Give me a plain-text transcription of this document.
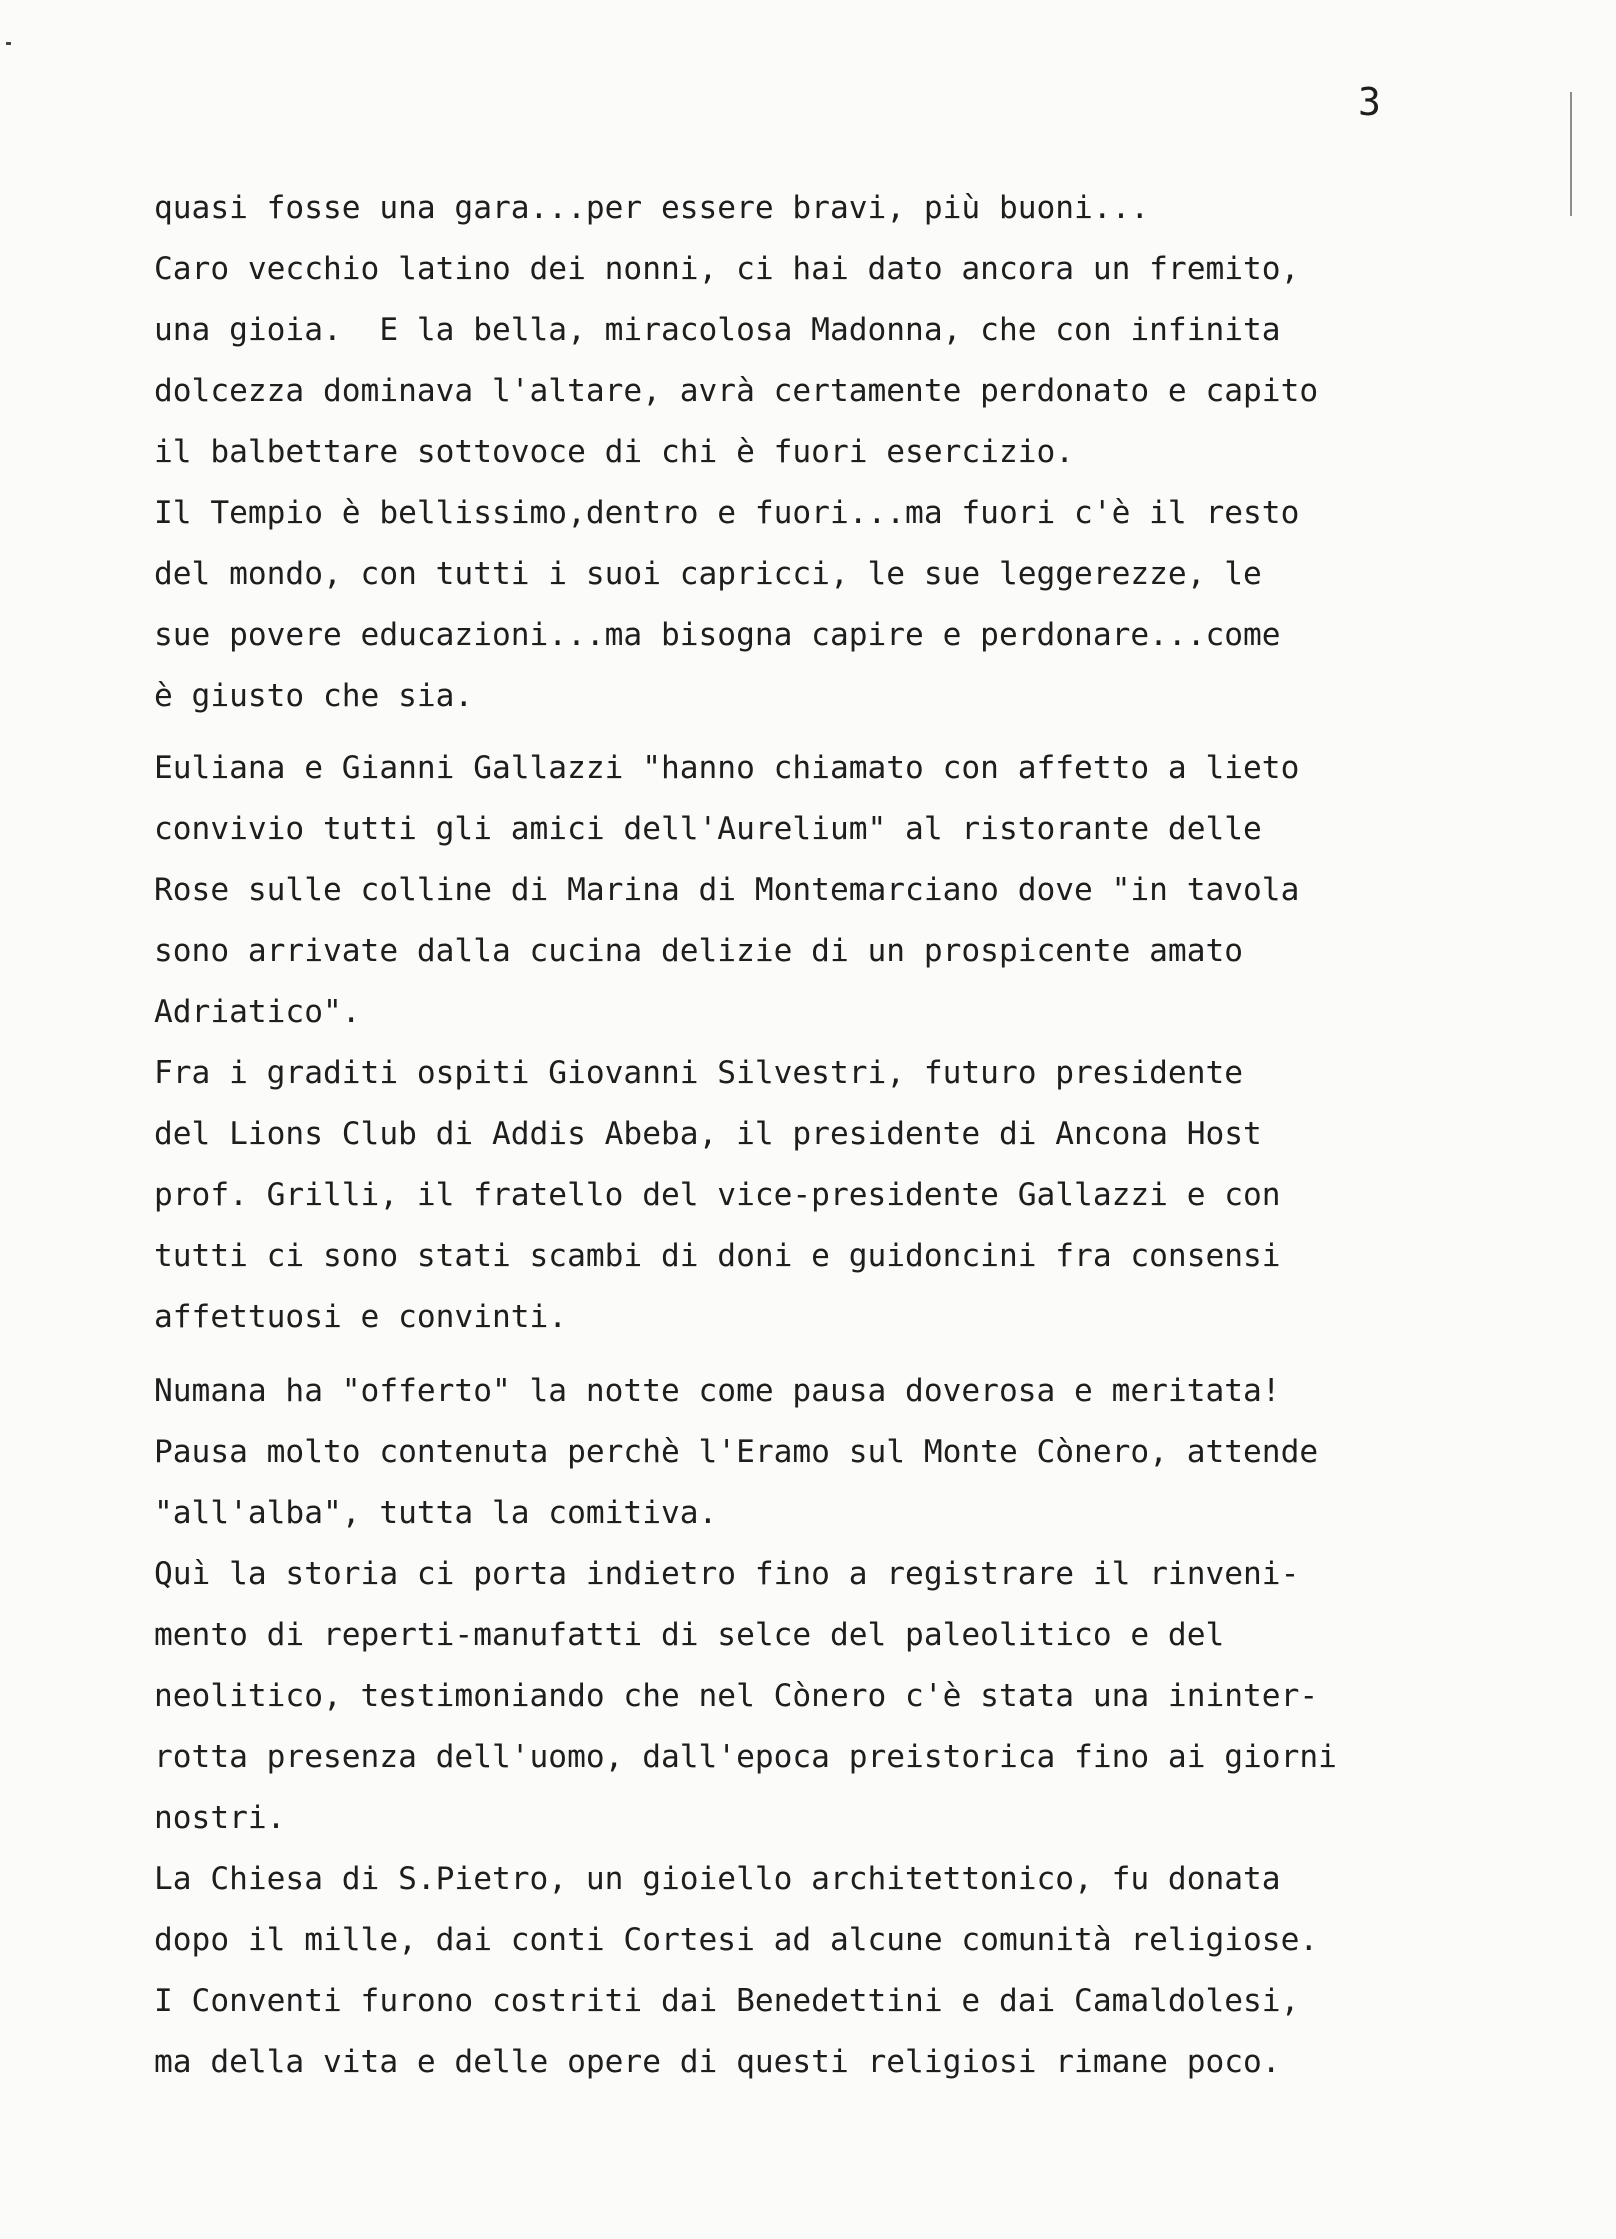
3
quasi fosse una gara...per essere bravi, più buoni...
Caro vecchio latino dei nonni, ci hai dato ancora un fremito,
una gioia.  E la bella, miracolosa Madonna, che con infinita
dolcezza dominava l'altare, avrà certamente perdonato e capito
il balbettare sottovoce di chi è fuori esercizio.
Il Tempio è bellissimo,dentro e fuori...ma fuori c'è il resto
del mondo, con tutti i suoi capricci, le sue leggerezze, le
sue povere educazioni...ma bisogna capire e perdonare...come
è giusto che sia.
Euliana e Gianni Gallazzi "hanno chiamato con affetto a lieto
convivio tutti gli amici dell'Aurelium" al ristorante delle
Rose sulle colline di Marina di Montemarciano dove "in tavola
sono arrivate dalla cucina delizie di un prospicente amato
Adriatico".
Fra i graditi ospiti Giovanni Silvestri, futuro presidente
del Lions Club di Addis Abeba, il presidente di Ancona Host
prof. Grilli, il fratello del vice-presidente Gallazzi e con
tutti ci sono stati scambi di doni e guidoncini fra consensi
affettuosi e convinti.
Numana ha "offerto" la notte come pausa doverosa e meritata!
Pausa molto contenuta perchè l'Eramo sul Monte Cònero, attende
"all'alba", tutta la comitiva.
Quì la storia ci porta indietro fino a registrare il rinveni-
mento di reperti-manufatti di selce del paleolitico e del
neolitico, testimoniando che nel Cònero c'è stata una ininter-
rotta presenza dell'uomo, dall'epoca preistorica fino ai giorni
nostri.
La Chiesa di S.Pietro, un gioiello architettonico, fu donata
dopo il mille, dai conti Cortesi ad alcune comunità religiose.
I Conventi furono costriti dai Benedettini e dai Camaldolesi,
ma della vita e delle opere di questi religiosi rimane poco.
